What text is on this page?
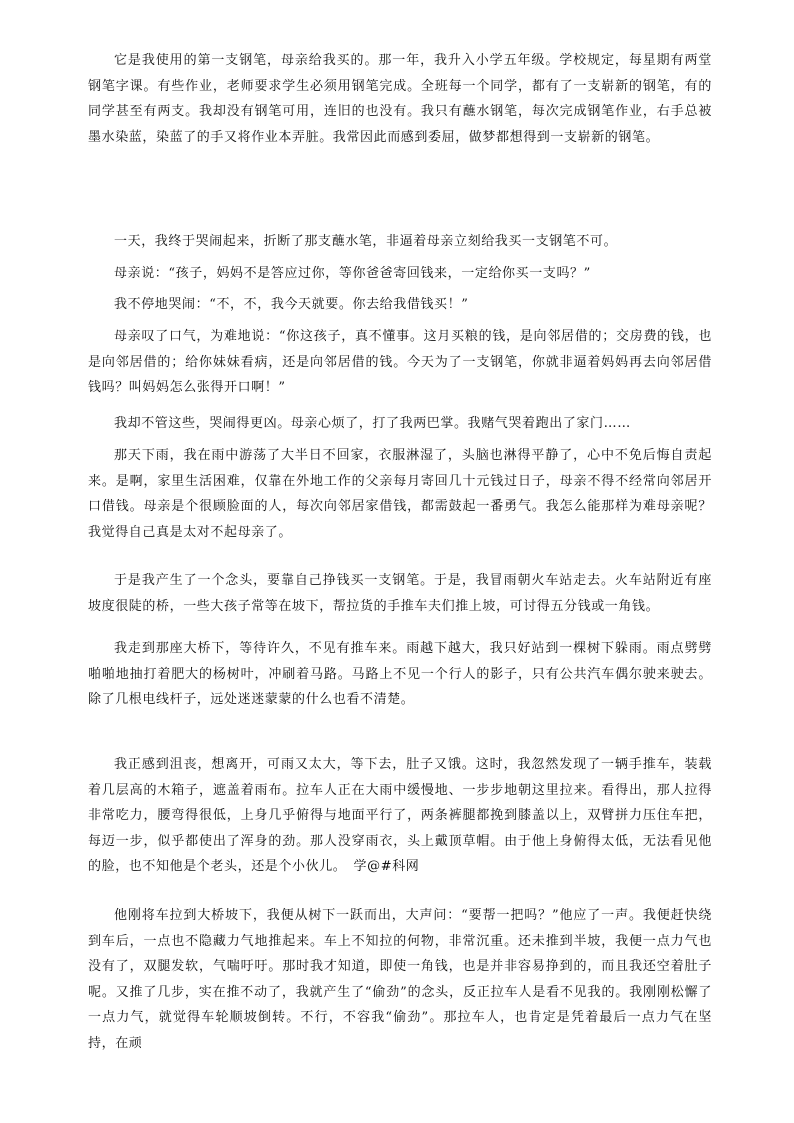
它是我使用的第一支钢笔，母亲给我买的。那一年，我升入小学五年级。学校规定，每星期有两堂钢笔字课。有些作业，老师要求学生必须用钢笔完成。全班每一个同学，都有了一支崭新的钢笔，有的同学甚至有两支。我却没有钢笔可用，连旧的也没有。我只有蘸水钢笔，每次完成钢笔作业，右手总被墨水染蓝，染蓝了的手又将作业本弄脏。我常因此而感到委屈，做梦都想得到一支崭新的钢笔。

一天，我终于哭闹起来，折断了那支蘸水笔，非逼着母亲立刻给我买一支钢笔不可。

母亲说：“孩子，妈妈不是答应过你，等你爸爸寄回钱来，一定给你买一支吗？”

我不停地哭闹：“不，不，我今天就要。你去给我借钱买！”

母亲叹了口气，为难地说：“你这孩子，真不懂事。这月买粮的钱，是向邻居借的；交房费的钱，也是向邻居借的；给你妹妹看病，还是向邻居借的钱。今天为了一支钢笔，你就非逼着妈妈再去向邻居借钱吗？叫妈妈怎么张得开口啊！”

我却不管这些，哭闹得更凶。母亲心烦了，打了我两巴掌。我赌气哭着跑出了家门……

那天下雨，我在雨中游荡了大半日不回家，衣服淋湿了，头脑也淋得平静了，心中不免后悔自责起来。是啊，家里生活困难，仅靠在外地工作的父亲每月寄回几十元钱过日子，母亲不得不经常向邻居开口借钱。母亲是个很顾脸面的人，每次向邻居家借钱，都需鼓起一番勇气。我怎么能那样为难母亲呢？我觉得自己真是太对不起母亲了。

于是我产生了一个念头，要靠自己挣钱买一支钢笔。于是，我冒雨朝火车站走去。火车站附近有座坡度很陡的桥，一些大孩子常等在坡下，帮拉货的手推车夫们推上坡，可讨得五分钱或一角钱。

我走到那座大桥下，等待许久，不见有推车来。雨越下越大，我只好站到一棵树下躲雨。雨点劈劈啪啪地抽打着肥大的杨树叶，冲刷着马路。马路上不见一个行人的影子，只有公共汽车偶尔驶来驶去。除了几根电线杆子，远处迷迷蒙蒙的什么也看不清楚。

我正感到沮丧，想离开，可雨又太大，等下去，肚子又饿。这时，我忽然发现了一辆手推车，装载着几层高的木箱子，遮盖着雨布。拉车人正在大雨中缓慢地、一步步地朝这里拉来。看得出，那人拉得非常吃力，腰弯得很低，上身几乎俯得与地面平行了，两条裤腿都挽到膝盖以上，双臂拼力压住车把，每迈一步，似乎都使出了浑身的劲。那人没穿雨衣，头上戴顶草帽。由于他上身俯得太低，无法看见他的脸，也不知他是个老头，还是个小伙儿。　学@#科网

他刚将车拉到大桥坡下，我便从树下一跃而出，大声问：“要帮一把吗？”他应了一声。我便赶快绕到车后，一点也不隐藏力气地推起来。车上不知拉的何物，非常沉重。还未推到半坡，我便一点力气也没有了，双腿发软，气喘吁吁。那时我才知道，即使一角钱，也是并非容易挣到的，而且我还空着肚子呢。又推了几步，实在推不动了，我就产生了“偷劲”的念头，反正拉车人是看不见我的。我刚刚松懈了一点力气，就觉得车轮顺坡倒转。不行，不容我“偷劲”。那拉车人，也肯定是凭着最后一点力气在坚持，在顽
